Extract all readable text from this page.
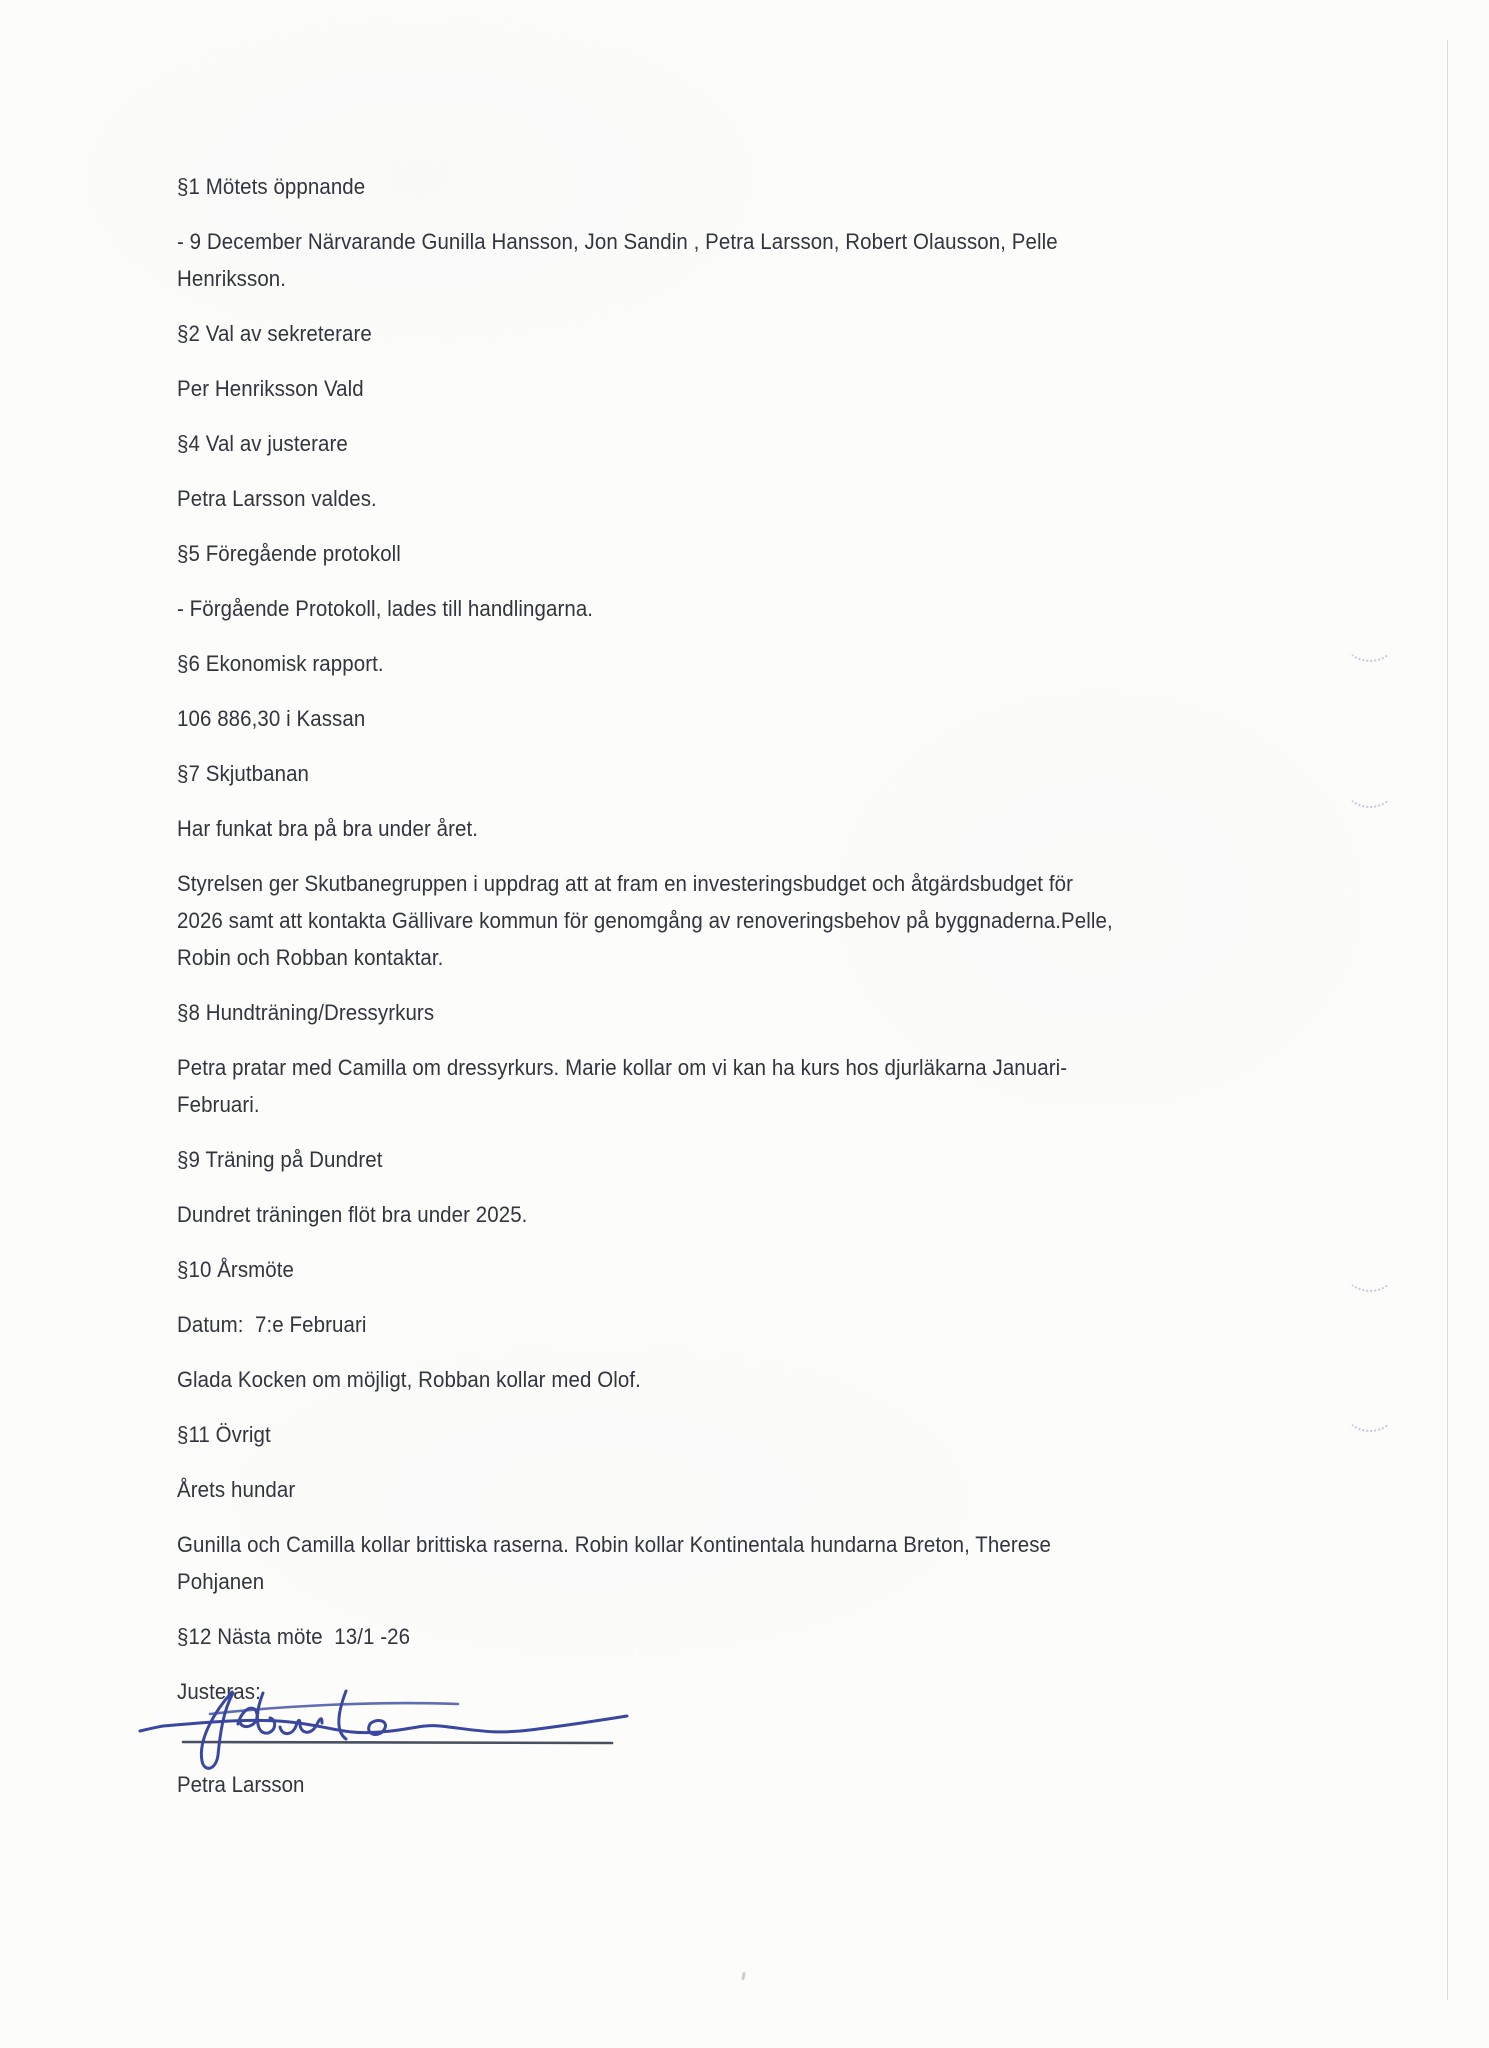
§1 Mötets öppnande
- 9 December Närvarande Gunilla Hansson, Jon Sandin , Petra Larsson, Robert Olausson, Pelle
Henriksson.
§2 Val av sekreterare
Per Henriksson Vald
§4 Val av justerare
Petra Larsson valdes.
§5 Föregående protokoll
- Förgående Protokoll, lades till handlingarna.
§6 Ekonomisk rapport.
106 886,30 i Kassan
§7 Skjutbanan
Har funkat bra på bra under året.
Styrelsen ger Skutbanegruppen i uppdrag att at fram en investeringsbudget och åtgärdsbudget för
2026 samt att kontakta Gällivare kommun för genomgång av renoveringsbehov på byggnaderna.Pelle,
Robin och Robban kontaktar.
§8 Hundträning/Dressyrkurs
Petra pratar med Camilla om dressyrkurs. Marie kollar om vi kan ha kurs hos djurläkarna Januari-
Februari.
§9 Träning på Dundret
Dundret träningen flöt bra under 2025.
§10 Årsmöte
Datum:  7:e Februari
Glada Kocken om möjligt, Robban kollar med Olof.
§11 Övrigt
Årets hundar
Gunilla och Camilla kollar brittiska raserna. Robin kollar Kontinentala hundarna Breton, Therese
Pohjanen
§12 Nästa möte  13/1 -26
Justeras:
Petra Larsson
